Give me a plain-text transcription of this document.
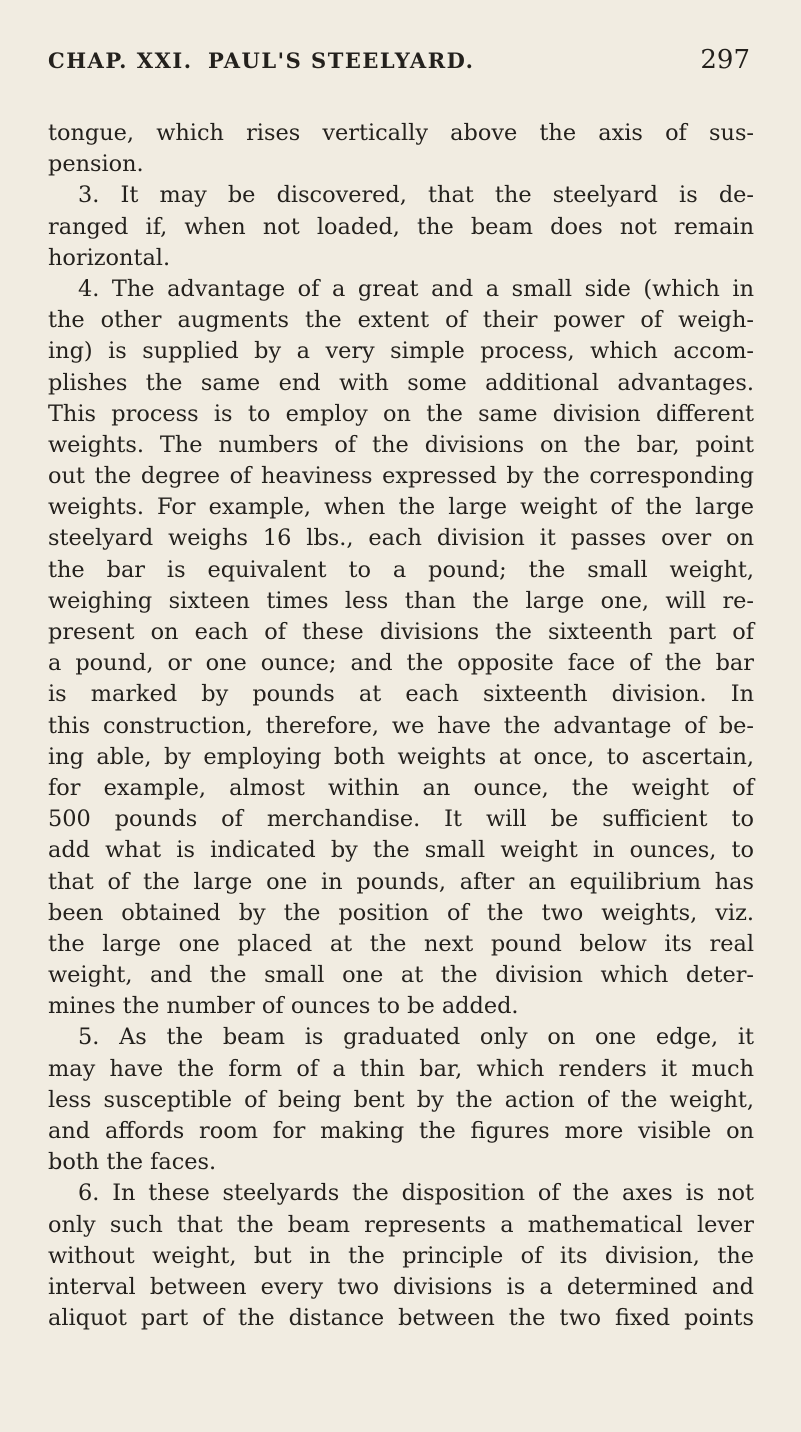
CHAP. XXI. PAUL'S STEELYARD.	297
tongue, which rises vertically above the axis of sus-
pension.
3. It may be discovered, that the steelyard is de-
ranged if, when not loaded, the beam does not remain
horizontal.
4. The advantage of a great and a small side (which in
the other augments the extent of their power of weigh-
ing) is supplied by a very simple process, which accom-
plishes the same end with some additional advantages.
This process is to employ on the same division different
weights. The numbers of the divisions on the bar, point
out the degree of heaviness expressed by the corresponding
weights. For example, when the large weight of the large
steelyard weighs 16 lbs., each division it passes over on
the bar is equivalent to a pound; the small weight,
weighing sixteen times less than the large one, will re-
present on each of these divisions the sixteenth part of
a pound, or one ounce; and the opposite face of the bar
is marked by pounds at each sixteenth division. In
this construction, therefore, we have the advantage of be-
ing able, by employing both weights at once, to ascertain,
for example, almost within an ounce, the weight of
500 pounds of merchandise. It will be sufficient to
add what is indicated by the small weight in ounces, to
that of the large one in pounds, after an equilibrium has
been obtained by the position of the two weights, viz.
the large one placed at the next pound below its real
weight, and the small one at the division which deter-
mines the number of ounces to be added.
5. As the beam is graduated only on one edge, it
may have the form of a thin bar, which renders it much
less susceptible of being bent by the action of the weight,
and affords room for making the figures more visible on
both the faces.
6. In these steelyards the disposition of the axes is not
only such that the beam represents a mathematical lever
without weight, but in the principle of its division, the
interval between every two divisions is a determined and
aliquot part of the distance between the two fixed points
